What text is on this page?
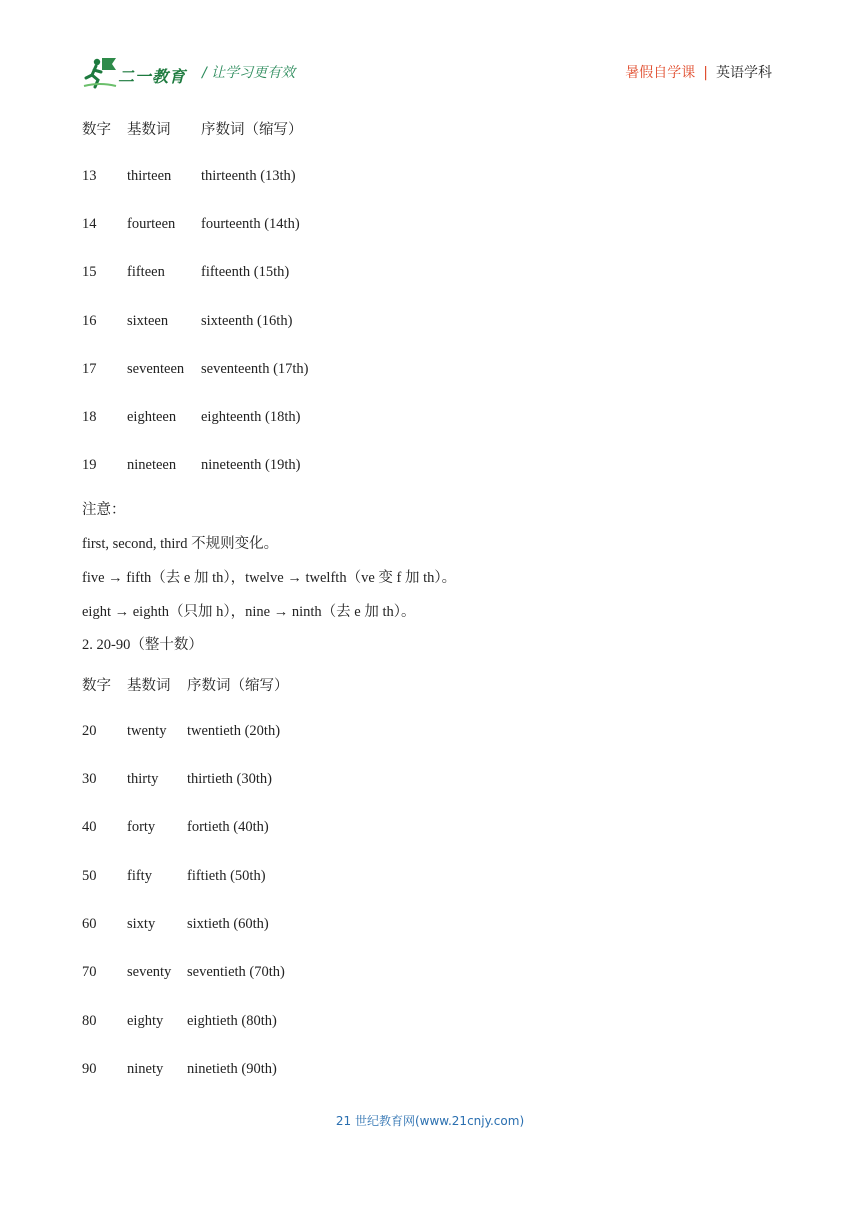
二一教育 / 让学习更有效	暑假自学课 | 英语学科
数字 基数词 序数词（缩写）
13 thirteen thirteenth (13th)
14 fourteen fourteenth (14th)
15 fifteen fifteenth (15th)
16 sixteen sixteenth (16th)
17 seventeen seventeenth (17th)
18 eighteen eighteenth (18th)
19 nineteen nineteenth (19th)
注意：
first, second, third 不规则变化。
five → fifth（去 e 加 th），twelve → twelfth（ve 变 f 加 th）。
eight → eighth（只加 h），nine → ninth（去 e 加 th）。
2. 20-90（整十数）
数字 基数词 序数词（缩写）
20 twenty twentieth (20th)
30 thirty thirtieth (30th)
40 forty fortieth (40th)
50 fifty fiftieth (50th)
60 sixty sixtieth (60th)
70 seventy seventieth (70th)
80 eighty eightieth (80th)
90 ninety ninetieth (90th)
21 世纪教育网(www.21cnjy.com)
